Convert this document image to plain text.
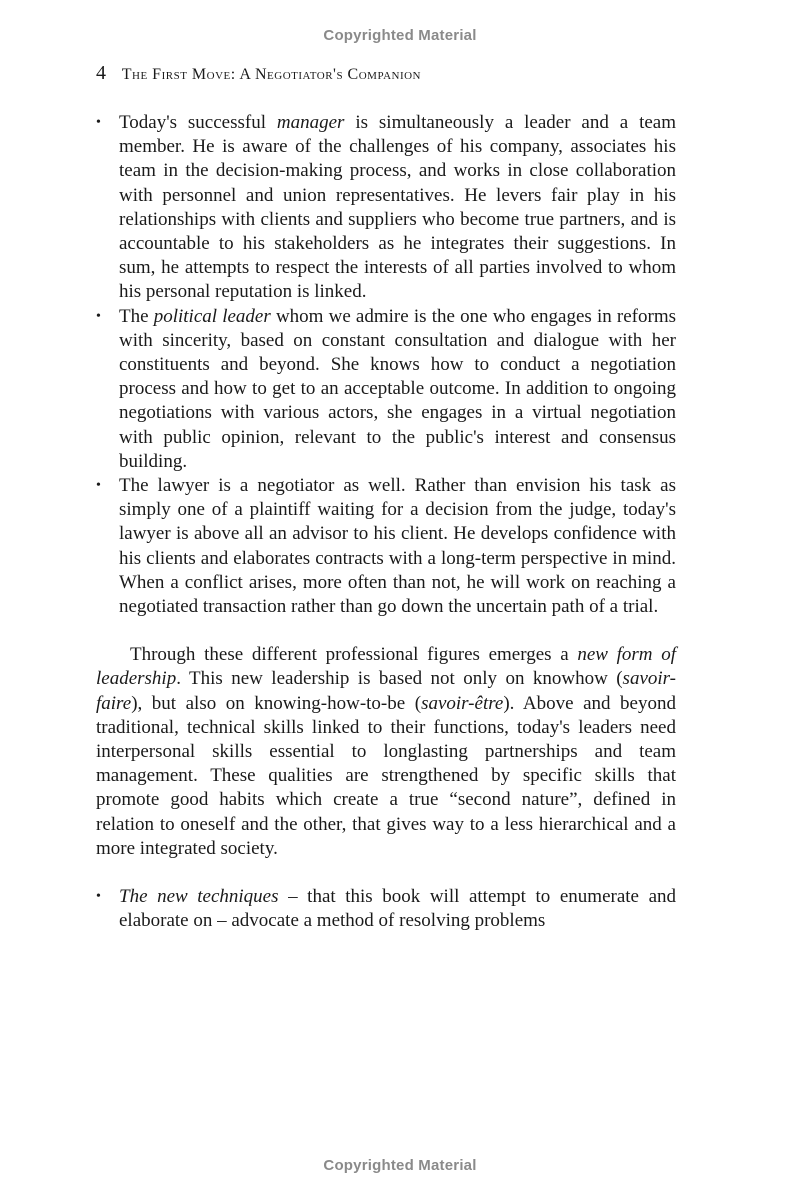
Copyrighted Material
4 The First Move: A Negotiator's Companion
• Today's successful manager is simultaneously a leader and a team member. He is aware of the challenges of his company, associates his team in the decision-making process, and works in close collaboration with personnel and union representatives. He levers fair play in his relationships with clients and suppliers who become true partners, and is accountable to his stakeholders as he integrates their suggestions. In sum, he attempts to respect the interests of all parties involved to whom his personal reputation is linked.
• The political leader whom we admire is the one who engages in reforms with sincerity, based on constant consultation and dialogue with her constituents and beyond. She knows how to conduct a negotiation process and how to get to an acceptable outcome. In addition to ongoing negotiations with various actors, she engages in a virtual negotiation with public opinion, relevant to the public's interest and consensus building.
• The lawyer is a negotiator as well. Rather than envision his task as simply one of a plaintiff waiting for a decision from the judge, today's lawyer is above all an advisor to his client. He develops confidence with his clients and elaborates contracts with a long-term perspective in mind. When a conflict arises, more often than not, he will work on reaching a negotiated transaction rather than go down the uncertain path of a trial.

Through these different professional figures emerges a new form of leadership. This new leadership is based not only on knowhow (savoir-faire), but also on knowing-how-to-be (savoir-être). Above and beyond traditional, technical skills linked to their functions, today's leaders need interpersonal skills essential to longlasting partnerships and team management. These qualities are strengthened by specific skills that promote good habits which create a true “second nature”, defined in relation to oneself and the other, that gives way to a less hierarchical and a more integrated society.

• The new techniques – that this book will attempt to enumerate and elaborate on – advocate a method of resolving problems
Copyrighted Material
